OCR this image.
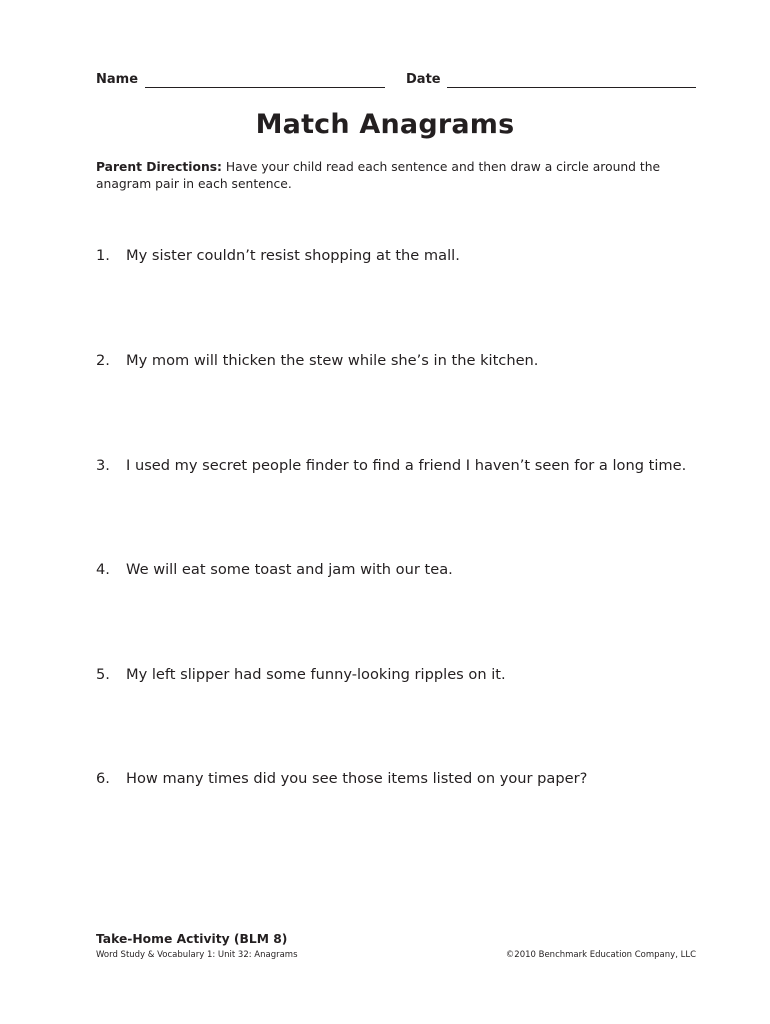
Name	Date
Match Anagrams
Parent Directions: Have your child read each sentence and then draw a circle around the anagram pair in each sentence.
1. My sister couldn’t resist shopping at the mall.
2. My mom will thicken the stew while she’s in the kitchen.
3. I used my secret people finder to find a friend I haven’t seen for a long time.
4. We will eat some toast and jam with our tea.
5. My left slipper had some funny-looking ripples on it.
6. How many times did you see those items listed on your paper?
Take-Home Activity (BLM 8)
Word Study & Vocabulary 1: Unit 32: Anagrams	©2010 Benchmark Education Company, LLC
